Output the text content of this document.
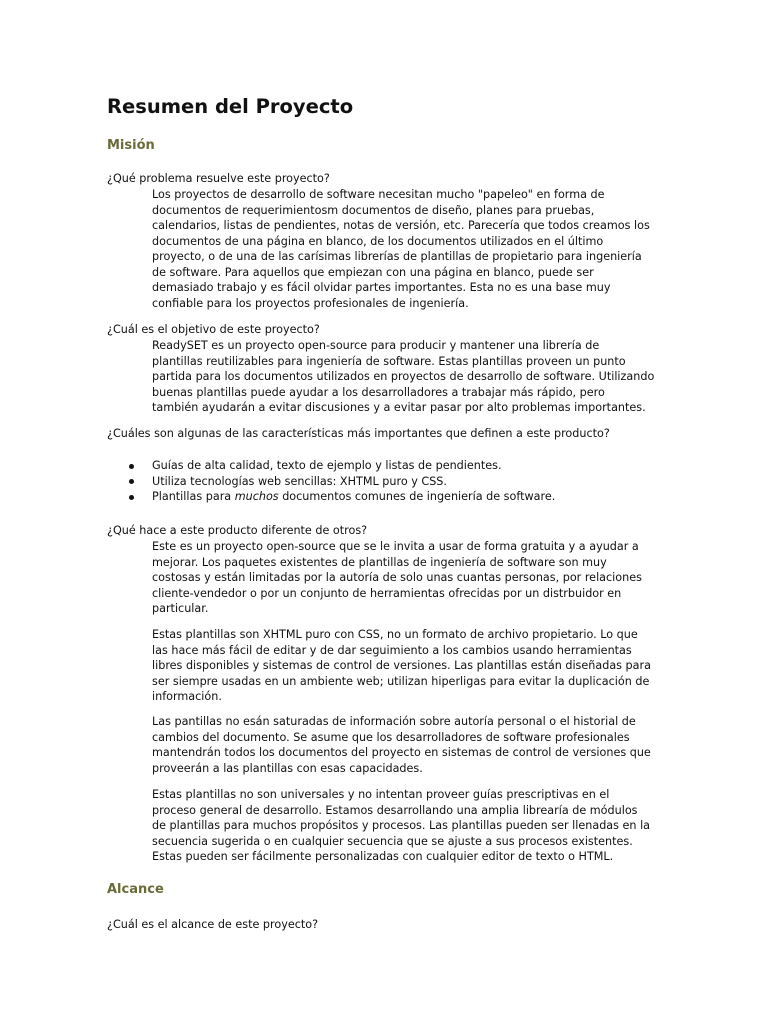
Resumen del Proyecto
Misión

¿Qué problema resuelve este proyecto?

Los proyectos de desarrollo de software necesitan mucho "papeleo" en forma de
documentos de requerimientosm documentos de diseño, planes para pruebas,
calendarios, listas de pendientes, notas de versión, etc. Parecería que todos creamos los
documentos de una página en blanco, de los documentos utilizados en el último
proyecto, o de una de las carísimas librerías de plantillas de propietario para ingeniería
de software. Para aquellos que empiezan con una página en blanco, puede ser
demasiado trabajo y es fácil olvidar partes importantes. Esta no es una base muy
confiable para los proyectos profesionales de ingeniería.

¿Cuál es el objetivo de este proyecto?

ReadySET es un proyecto open-source para producir y mantener una librería de
plantillas reutilizables para ingeniería de software. Estas plantillas proveen un punto
partida para los documentos utilizados en proyectos de desarrollo de software. Utilizando
buenas plantillas puede ayudar a los desarrolladores a trabajar más rápido, pero
también ayudarán a evitar discusiones y a evitar pasar por alto problemas importantes.

¿Cuáles son algunas de las características más importantes que definen a este producto?

Guías de alta calidad, texto de ejemplo y listas de pendientes.
Utiliza tecnologías web sencillas: XHTML puro y CSS.
Plantillas para muchos documentos comunes de ingeniería de software.

¿Qué hace a este producto diferente de otros?

Este es un proyecto open-source que se le invita a usar de forma gratuita y a ayudar a
mejorar. Los paquetes existentes de plantillas de ingeniería de software son muy
costosas y están limitadas por la autoría de solo unas cuantas personas, por relaciones
cliente-vendedor o por un conjunto de herramientas ofrecidas por un distrbuidor en
particular.
Estas plantillas son XHTML puro con CSS, no un formato de archivo propietario. Lo que
las hace más fácil de editar y de dar seguimiento a los cambios usando herramientas
libres disponibles y sistemas de control de versiones. Las plantillas están diseñadas para
ser siempre usadas en un ambiente web; utilizan hiperligas para evitar la duplicación de
información.
Las pantillas no esán saturadas de información sobre autoría personal o el historial de
cambios del documento. Se asume que los desarrolladores de software profesionales
mantendrán todos los documentos del proyecto en sistemas de control de versiones que
proveerán a las plantillas con esas capacidades.
Estas plantillas no son universales y no intentan proveer guías prescriptivas en el
proceso general de desarrollo. Estamos desarrollando una amplia librearía de módulos
de plantillas para muchos propósitos y procesos. Las plantillas pueden ser llenadas en la
secuencia sugerida o en cualquier secuencia que se ajuste a sus procesos existentes.
Estas pueden ser fácilmente personalizadas con cualquier editor de texto o HTML.
Alcance

¿Cuál es el alcance de este proyecto?
